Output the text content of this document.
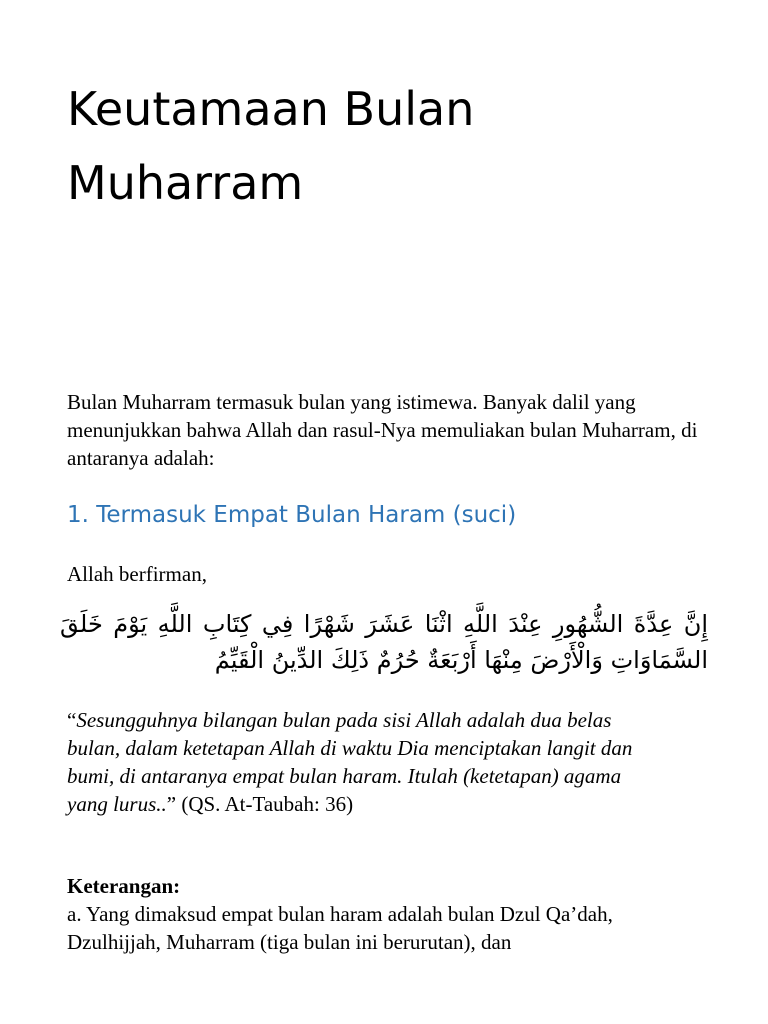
Keutamaan Bulan
Muharram

Bulan Muharram termasuk bulan yang istimewa. Banyak dalil yang menunjukkan bahwa Allah dan rasul-Nya memuliakan bulan Muharram, di antaranya adalah:

1. Termasuk Empat Bulan Haram (suci)

Allah berfirman,

إِنَّ عِدَّةَ الشُّهُورِ عِنْدَ اللَّهِ اثْنَا عَشَرَ شَهْرًا فِي كِتَابِ اللَّهِ يَوْمَ خَلَقَ السَّمَاوَاتِ وَالْأَرْضَ مِنْهَا أَرْبَعَةٌ حُرُمٌ ذَلِكَ الدِّينُ الْقَيِّمُ

“Sesungguhnya bilangan bulan pada sisi Allah adalah dua belas bulan, dalam ketetapan Allah di waktu Dia menciptakan langit dan bumi, di antaranya empat bulan haram. Itulah (ketetapan) agama yang lurus..” (QS. At-Taubah: 36)

Keterangan:
a. Yang dimaksud empat bulan haram adalah bulan Dzul Qa’dah, Dzulhijjah, Muharram (tiga bulan ini berurutan), dan
